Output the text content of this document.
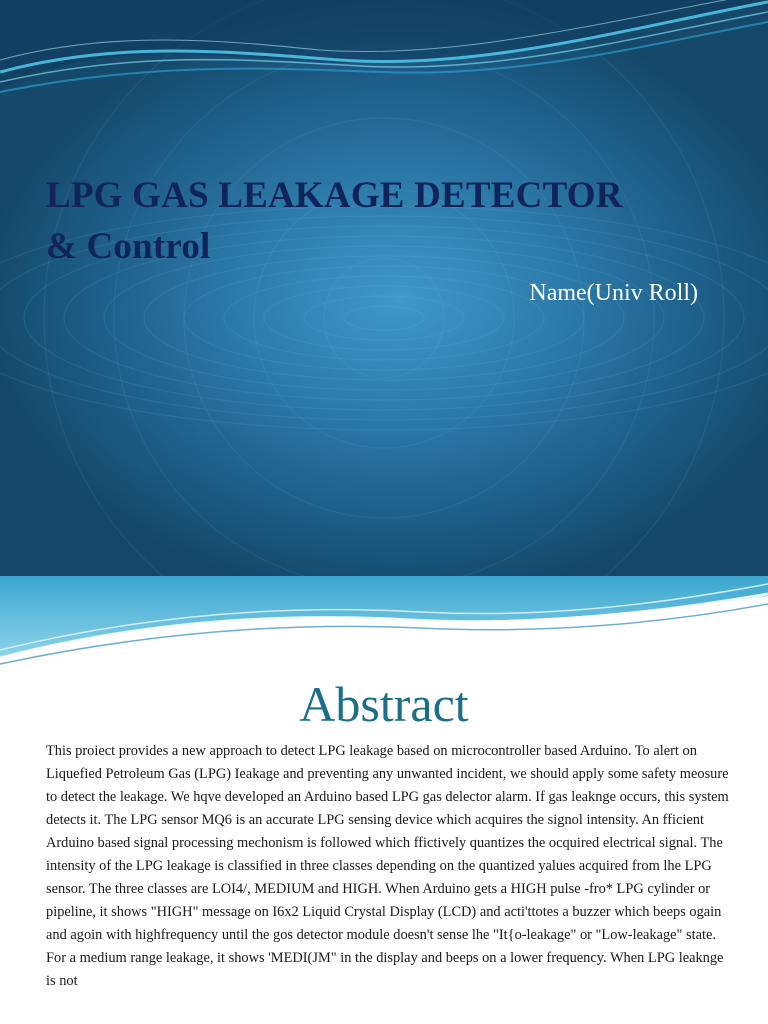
LPG GAS LEAKAGE DETECTOR & Control

Name(Univ Roll)

Abstract

This proiect provides a new approach to detect LPG leakage based on microcontroller based Arduino. To alert on Liquefied Petroleum Gas (LPG) Ieakage and preventing any unwanted incident, we should apply some safety meosure to detect the leakage. We hqve developed an Arduino based LPG gas delector alarm. If gas leaknge occurs, this system detects it. The LPG sensor MQ6 is an accurate LPG sensing device which acquires the signol intensity. An fficient Arduino based signal processing mechonism is followed which ffictively quantizes the ocquired electrical signal. The intensity of the LPG leakage is classified in three classes depending on the quantized yalues acquired from lhe LPG sensor. The three classes are LOI4/, MEDIUM and HIGH. When Arduino gets a HIGH pulse -fro* LPG cylinder or pipeline, it shows "HIGH" message on I6x2 Liquid Crystal Display (LCD) and acti'ttotes a buzzer which beeps ogain and agoin with highfrequency until the gos detector module doesn't sense lhe "It{o-leakage" or "Low-leakage" state. For a medium range leakage, it shows 'MEDI(JM" in the display and beeps on a lower frequency. When LPG leaknge is not
